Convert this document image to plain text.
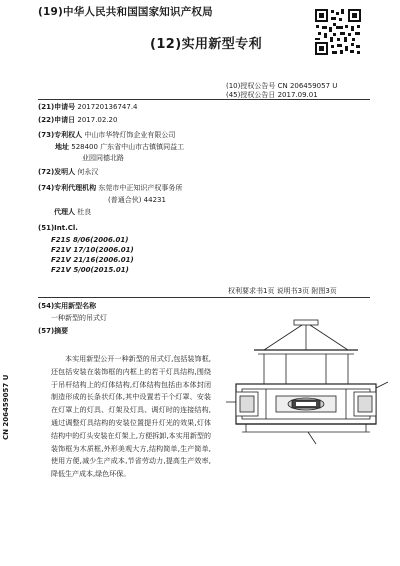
(19)中华人民共和国国家知识产权局
(12)实用新型专利
(10)授权公告号 CN 206459057 U
(45)授权公告日 2017.09.01
(21)申请号 201720136747.4
(22)申请日 2017.02.20
(73)专利权人 中山市华特灯饰企业有限公司
地址 528400 广东省中山市古镇镇同益工
业园同德北路
(72)发明人 何永汉
(74)专利代理机构 东莞市中正知识产权事务所
(普通合伙) 44231
代理人 杜良
(51)Int.Cl.
F21S 8/06(2006.01)
F21V 17/10(2006.01)
F21V 21/16(2006.01)
F21V 5/00(2015.01)
权利要求书1页 说明书3页 附图3页
(54)实用新型名称
一种新型的吊式灯
(57)摘要
本实用新型公开一种新型的吊式灯,包括装饰框,还包括安装在装饰框的内框上的若干灯具结构,围绕于吊杆结构上的灯体结构,灯体结构包括由本体封闭制造形成的长条状灯体,其中设置若干个灯罩、安装在灯罩上的灯具、灯架及灯具、调灯时的连接结构,通过调整灯具结构的安装位置提升灯光的效果,灯体结构中的灯头安装在灯架上,方便拆卸,本实用新型的装饰框为木质框,外形美观大方,结构简单,生产简单,使用方便,减少生产成本,节省劳动力,提高生产效率,降低生产成本,绿色环保。
CN 206459057 U
